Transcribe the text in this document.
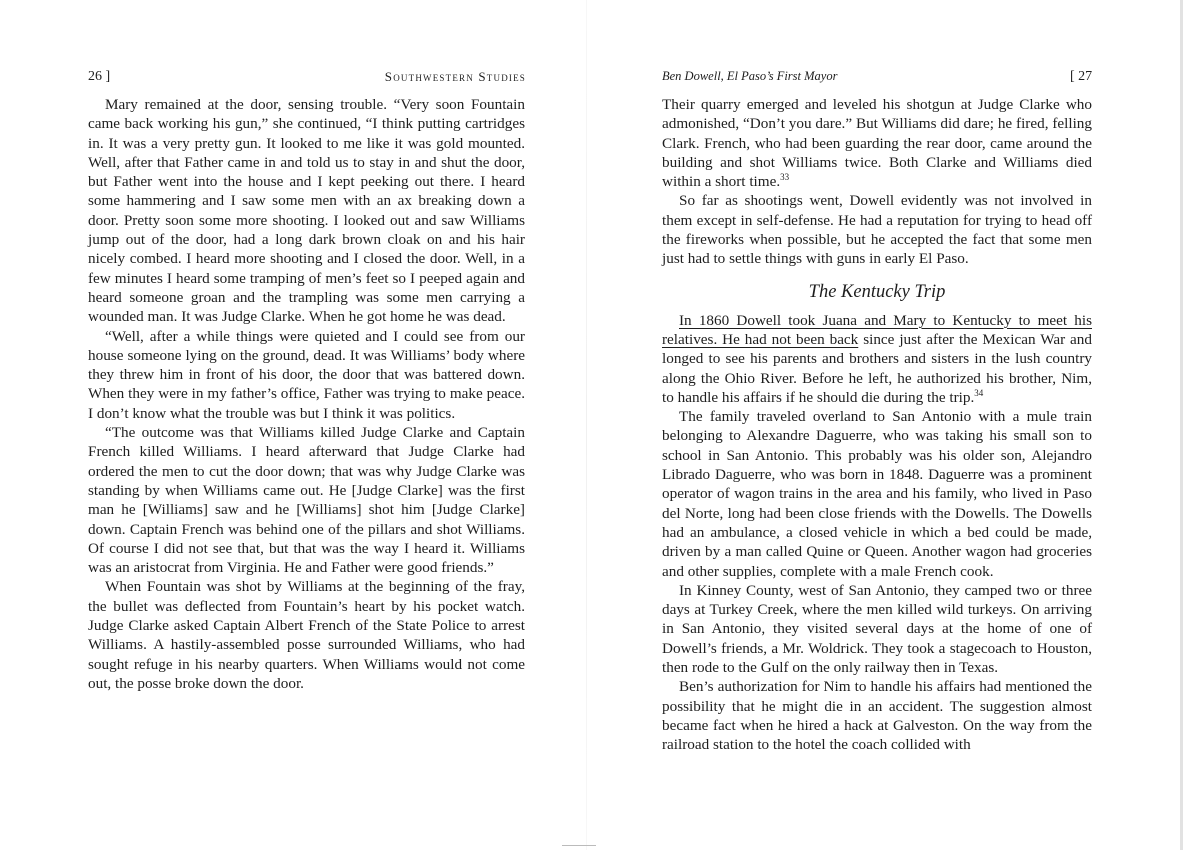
26 ]	Southwestern Studies

Mary remained at the door, sensing trouble. “Very soon Fountain came back working his gun,” she continued, “I think putting cartridges in. It was a very pretty gun. It looked to me like it was gold mounted. Well, after that Father came in and told us to stay in and shut the door, but Father went into the house and I kept peeking out there. I heard some hammering and I saw some men with an ax breaking down a door. Pretty soon some more shooting. I looked out and saw Williams jump out of the door, had a long dark brown cloak on and his hair nicely combed. I heard more shooting and I closed the door. Well, in a few minutes I heard some tramping of men’s feet so I peeped again and heard someone groan and the trampling was some men carrying a wounded man. It was Judge Clarke. When he got home he was dead.

“Well, after a while things were quieted and I could see from our house someone lying on the ground, dead. It was Williams’ body where they threw him in front of his door, the door that was battered down. When they were in my father’s office, Father was trying to make peace. I don’t know what the trouble was but I think it was politics.

“The outcome was that Williams killed Judge Clarke and Captain French killed Williams. I heard afterward that Judge Clarke had ordered the men to cut the door down; that was why Judge Clarke was standing by when Williams came out. He [Judge Clarke] was the first man he [Williams] saw and he [Williams] shot him [Judge Clarke] down. Captain French was behind one of the pillars and shot Williams. Of course I did not see that, but that was the way I heard it. Williams was an aristocrat from Virginia. He and Father were good friends.”

When Fountain was shot by Williams at the beginning of the fray, the bullet was deflected from Fountain’s heart by his pocket watch. Judge Clarke asked Captain Albert French of the State Police to arrest Williams. A hastily-assembled posse surrounded Williams, who had sought refuge in his nearby quarters. When Williams would not come out, the posse broke down the door.

Ben Dowell, El Paso’s First Mayor	[ 27

Their quarry emerged and leveled his shotgun at Judge Clarke who admonished, “Don’t you dare.” But Williams did dare; he fired, felling Clark. French, who had been guarding the rear door, came around the building and shot Williams twice. Both Clarke and Williams died within a short time.$^{33}$

So far as shootings went, Dowell evidently was not involved in them except in self-defense. He had a reputation for trying to head off the fireworks when possible, but he accepted the fact that some men just had to settle things with guns in early El Paso.

The Kentucky Trip

In 1860 Dowell took Juana and Mary to Kentucky to meet his relatives. He had not been back since just after the Mexican War and longed to see his parents and brothers and sisters in the lush country along the Ohio River. Before he left, he authorized his brother, Nim, to handle his affairs if he should die during the trip.$^{34}$

The family traveled overland to San Antonio with a mule train belonging to Alexandre Daguerre, who was taking his small son to school in San Antonio. This probably was his older son, Alejandro Librado Daguerre, who was born in 1848. Daguerre was a prominent operator of wagon trains in the area and his family, who lived in Paso del Norte, long had been close friends with the Dowells. The Dowells had an ambulance, a closed vehicle in which a bed could be made, driven by a man called Quine or Queen. Another wagon had groceries and other supplies, complete with a male French cook.

In Kinney County, west of San Antonio, they camped two or three days at Turkey Creek, where the men killed wild turkeys. On arriving in San Antonio, they visited several days at the home of one of Dowell’s friends, a Mr. Woldrick. They took a stagecoach to Houston, then rode to the Gulf on the only railway then in Texas.

Ben’s authorization for Nim to handle his affairs had mentioned the possibility that he might die in an accident. The suggestion almost became fact when he hired a hack at Galveston. On the way from the railroad station to the hotel the coach collided with
